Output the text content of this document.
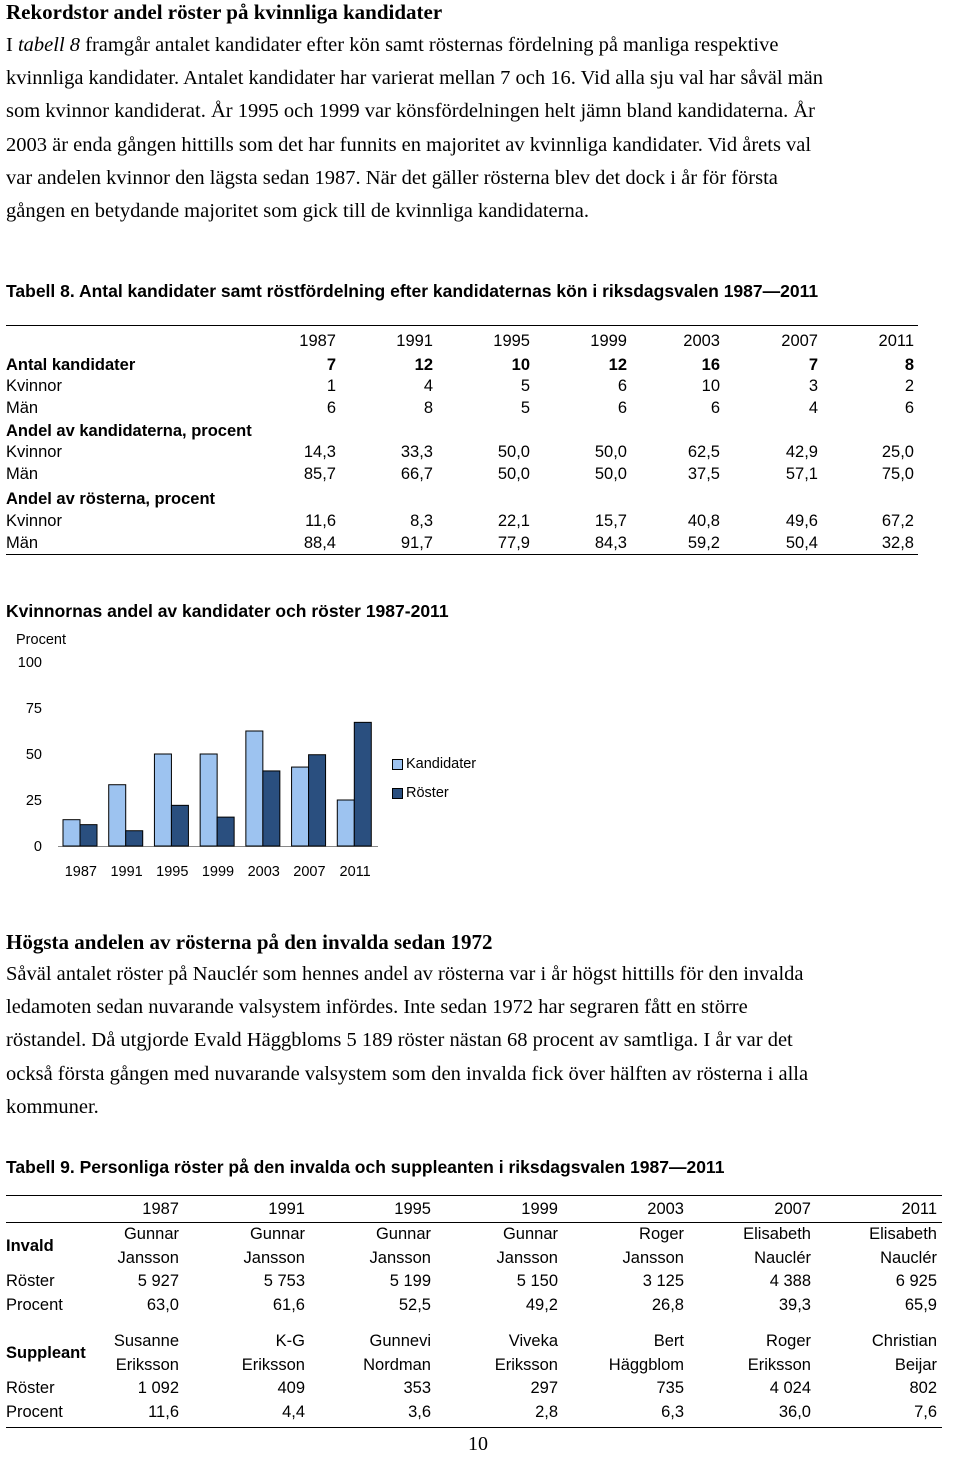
Rekordstor andel röster på kvinnliga kandidater
I tabell 8 framgår antalet kandidater efter kön samt rösternas fördelning på manliga respektive
kvinnliga kandidater. Antalet kandidater har varierat mellan 7 och 16. Vid alla sju val har såväl män
som kvinnor kandiderat. År 1995 och 1999 var könsfördelningen helt jämn bland kandidaterna. År
2003 är enda gången hittills som det har funnits en majoritet av kvinnliga kandidater. Vid årets val
var andelen kvinnor den lägsta sedan 1987. När det gäller rösterna blev det dock i år för första
gången en betydande majoritet som gick till de kvinnliga kandidaterna.
Tabell 8. Antal kandidater samt röstfördelning efter kandidaternas kön i riksdagsvalen 1987—2011
1987	1991	1995	1999	2003	2007	2011
Antal kandidater	7	12	10	12	16	7	8
Kvinnor	1	4	5	6	10	3	2
Män	6	8	5	6	6	4	6
Andel av kandidaterna, procent
Kvinnor	14,3	33,3	50,0	50,0	62,5	42,9	25,0
Män	85,7	66,7	50,0	50,0	37,5	57,1	75,0
Andel av rösterna, procent
Kvinnor	11,6	8,3	22,1	15,7	40,8	49,6	67,2
Män	88,4	91,7	77,9	84,3	59,2	50,4	32,8
Kvinnornas andel av kandidater och röster 1987-2011
Procent
0
25
50
75
100
1987 1991 1995 1999 2003 2007 2011
Kandidater
Röster
Högsta andelen av rösterna på den invalda sedan 1972
Såväl antalet röster på Nauclér som hennes andel av rösterna var i år högst hittills för den invalda
ledamoten sedan nuvarande valsystem infördes. Inte sedan 1972 har segraren fått en större
röstandel. Då utgjorde Evald Häggbloms 5 189 röster nästan 68 procent av samtliga. I år var det
också första gången med nuvarande valsystem som den invalda fick över hälften av rösterna i alla
kommuner.
Tabell 9. Personliga röster på den invalda och suppleanten i riksdagsvalen 1987—2011
1987	1991	1995	1999	2003	2007	2011
Invald
Gunnar	Gunnar	Gunnar	Gunnar	Roger	Elisabeth	Elisabeth
Jansson	Jansson	Jansson	Jansson	Jansson	Nauclér	Nauclér
Röster	5 927	5 753	5 199	5 150	3 125	4 388	6 925
Procent	63,0	61,6	52,5	49,2	26,8	39,3	65,9
Suppleant
Susanne	K-G	Gunnevi	Viveka	Bert	Roger	Christian
Eriksson	Eriksson	Nordman	Eriksson	Häggblom	Eriksson	Beijar
Röster	1 092	409	353	297	735	4 024	802
Procent	11,6	4,4	3,6	2,8	6,3	36,0	7,6
10
